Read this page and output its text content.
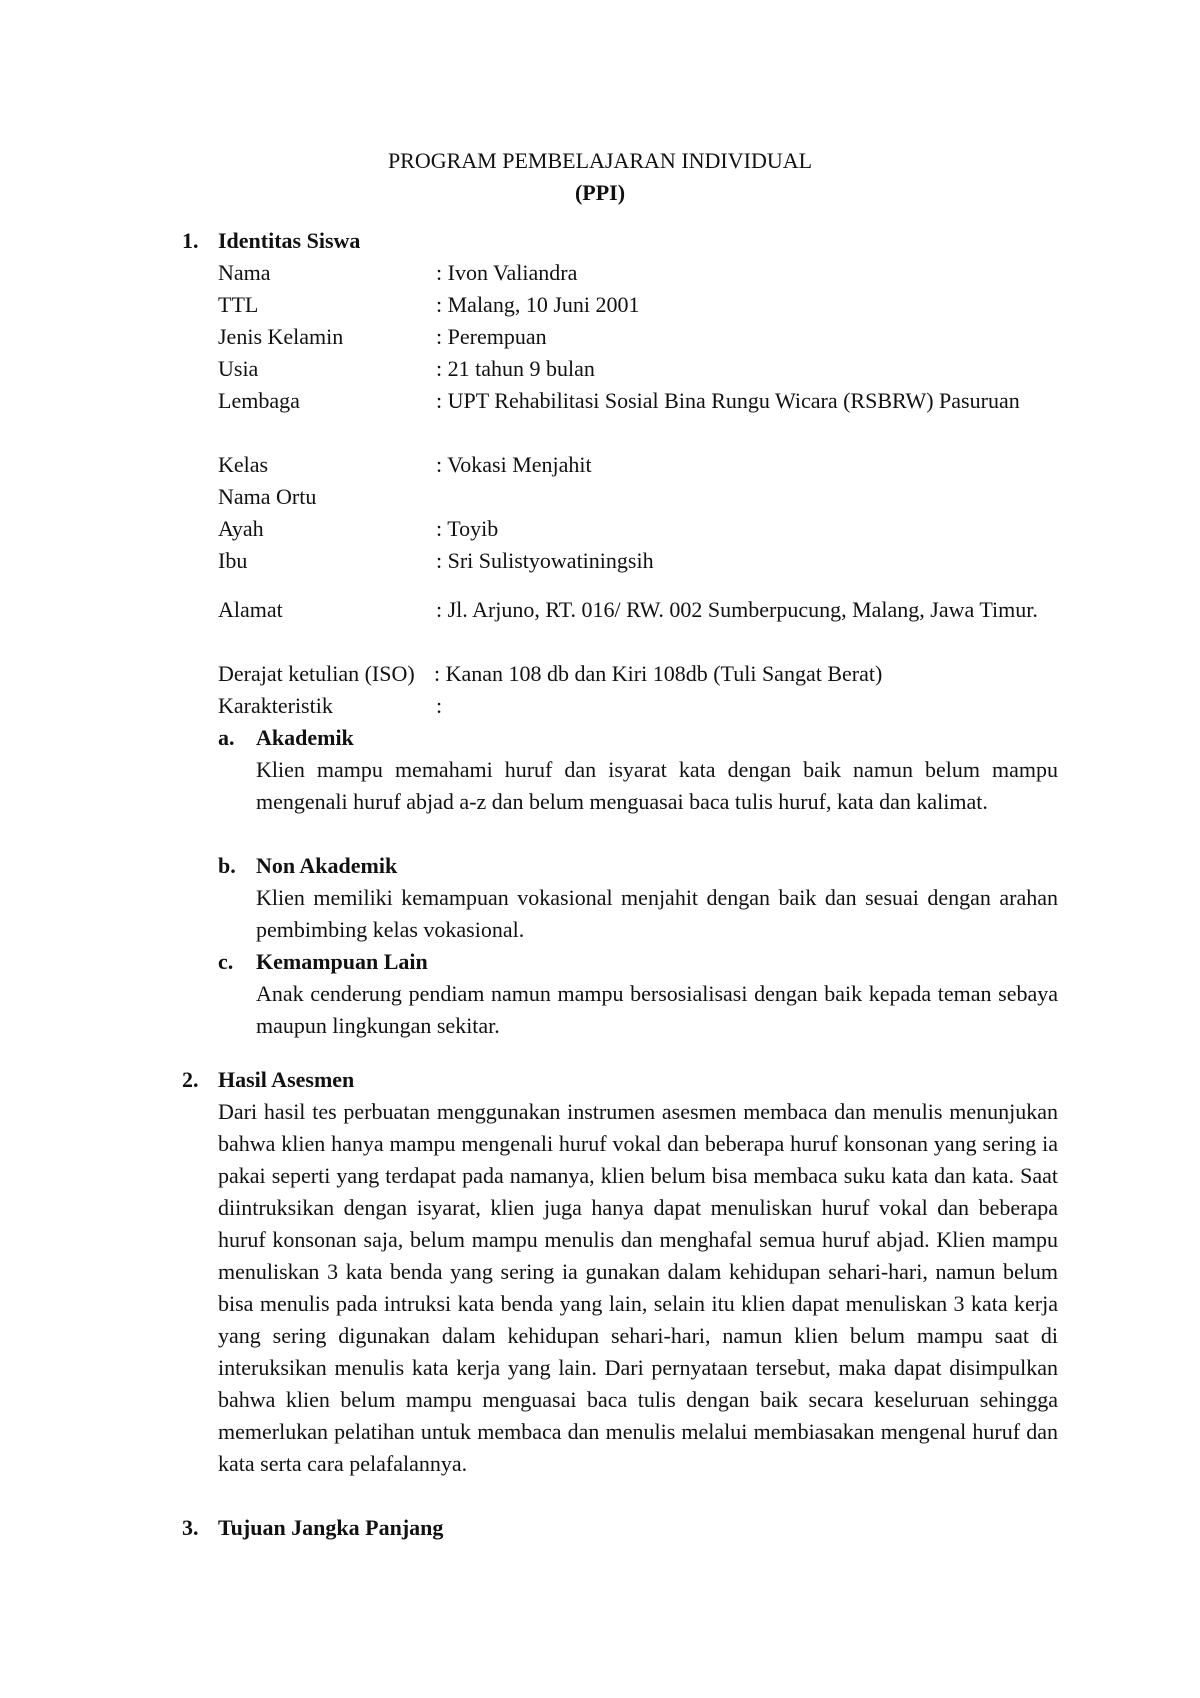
PROGRAM PEMBELAJARAN INDIVIDUAL
(PPI)
1. Identitas Siswa
Nama	: Ivon Valiandra
TTL	: Malang, 10 Juni 2001
Jenis Kelamin	: Perempuan
Usia	: 21 tahun 9 bulan
Lembaga	: UPT Rehabilitasi Sosial Bina Rungu Wicara (RSBRW) Pasuruan
Kelas	: Vokasi Menjahit
Nama Ortu
Ayah	: Toyib
Ibu	: Sri Sulistyowatiningsih
Alamat	: Jl. Arjuno, RT. 016/ RW. 002 Sumberpucung, Malang, Jawa Timur.
Derajat ketulian (ISO) : Kanan 108 db dan Kiri 108db (Tuli Sangat Berat)
Karakteristik	:
a. Akademik
Klien mampu memahami huruf dan isyarat kata dengan baik namun belum mampu mengenali huruf abjad a-z dan belum menguasai baca tulis huruf, kata dan kalimat.
b. Non Akademik
Klien memiliki kemampuan vokasional menjahit dengan baik dan sesuai dengan arahan pembimbing kelas vokasional.
c. Kemampuan Lain
Anak cenderung pendiam namun mampu bersosialisasi dengan baik kepada teman sebaya maupun lingkungan sekitar.
2. Hasil Asesmen
Dari hasil tes perbuatan menggunakan instrumen asesmen membaca dan menulis menunjukan bahwa klien hanya mampu mengenali huruf vokal dan beberapa huruf konsonan yang sering ia pakai seperti yang terdapat pada namanya, klien belum bisa membaca suku kata dan kata. Saat diintruksikan dengan isyarat, klien juga hanya dapat menuliskan huruf vokal dan beberapa huruf konsonan saja, belum mampu menulis dan menghafal semua huruf abjad. Klien mampu menuliskan 3 kata benda yang sering ia gunakan dalam kehidupan sehari-hari, namun belum bisa menulis pada intruksi kata benda yang lain, selain itu klien dapat menuliskan 3 kata kerja yang sering digunakan dalam kehidupan sehari-hari, namun klien belum mampu saat di interuksikan menulis kata kerja yang lain. Dari pernyataan tersebut, maka dapat disimpulkan bahwa klien belum mampu menguasai baca tulis dengan baik secara keseluruan sehingga memerlukan pelatihan untuk membaca dan menulis melalui membiasakan mengenal huruf dan kata serta cara pelafalannya.
3. Tujuan Jangka Panjang
